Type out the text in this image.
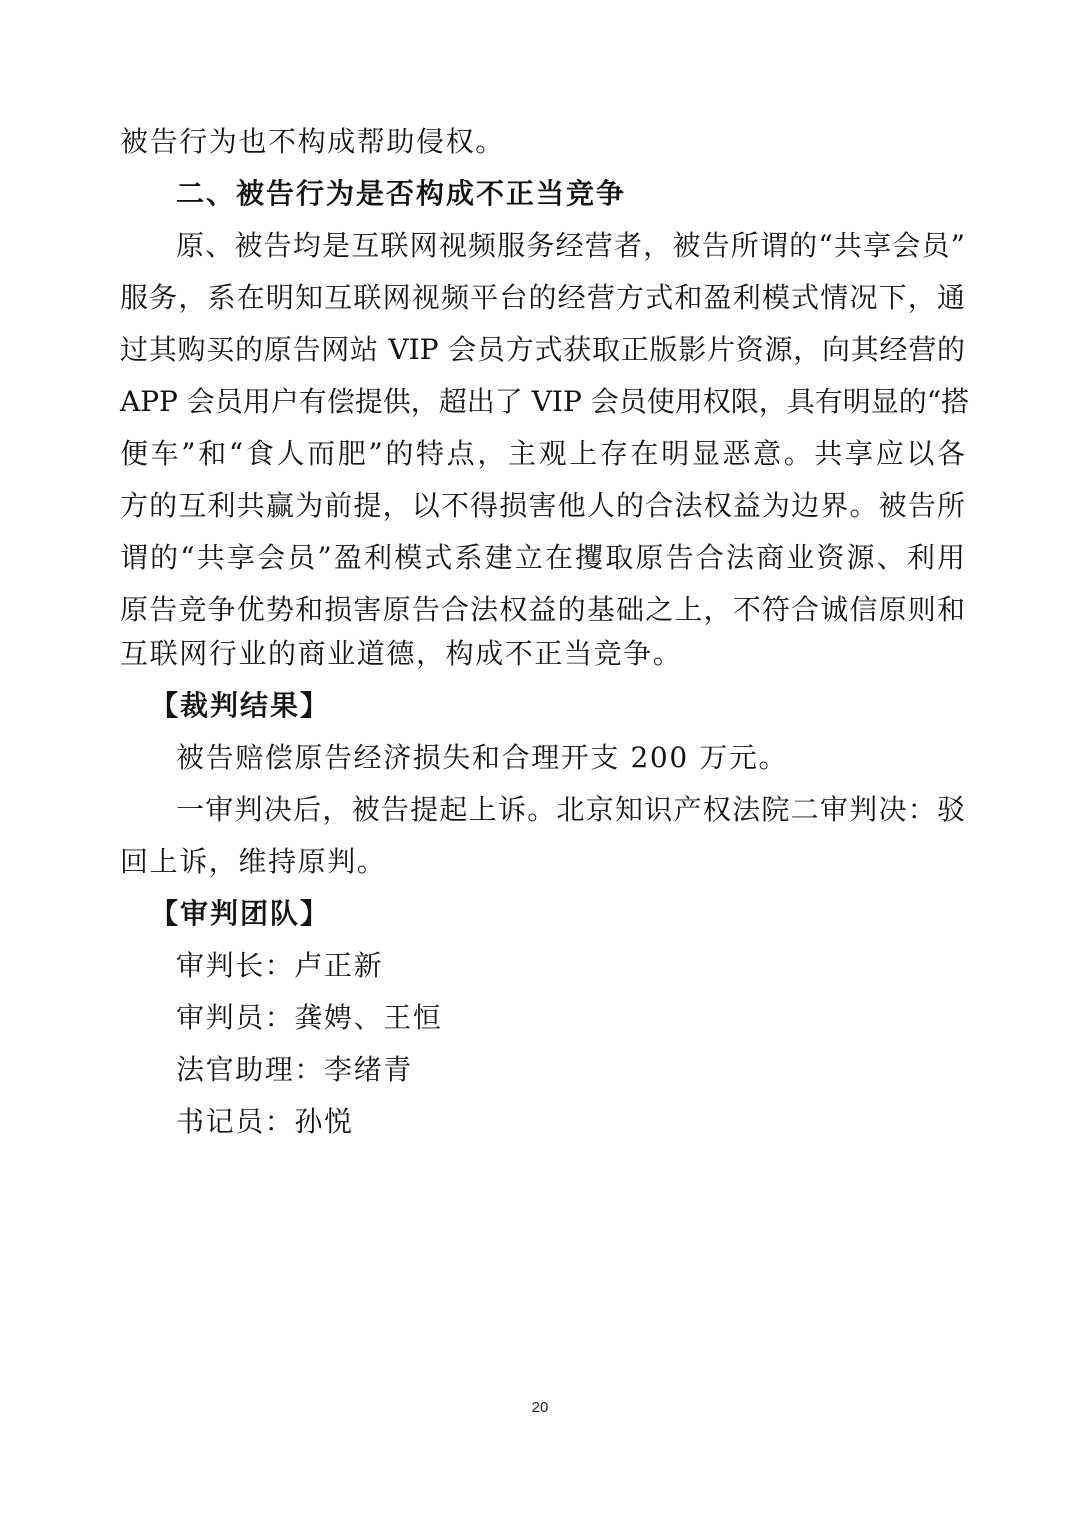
被告行为也不构成帮助侵权。
二、被告行为是否构成不正当竞争
原、被告均是互联网视频服务经营者，被告所谓的“共享会员”
服务，系在明知互联网视频平台的经营方式和盈利模式情况下，通
过其购买的原告网站 VIP 会员方式获取正版影片资源，向其经营的
APP 会员用户有偿提供，超出了 VIP 会员使用权限，具有明显的“搭
便车”和“食人而肥”的特点，主观上存在明显恶意。共享应以各
方的互利共赢为前提，以不得损害他人的合法权益为边界。被告所
谓的“共享会员”盈利模式系建立在攫取原告合法商业资源、利用
原告竞争优势和损害原告合法权益的基础之上，不符合诚信原则和
互联网行业的商业道德，构成不正当竞争。
【裁判结果】
被告赔偿原告经济损失和合理开支 200 万元。
一审判决后，被告提起上诉。北京知识产权法院二审判决：驳
回上诉，维持原判。
【审判团队】
审判长：卢正新
审判员：龚娉、王恒
法官助理：李绪青
书记员：孙悦
20
